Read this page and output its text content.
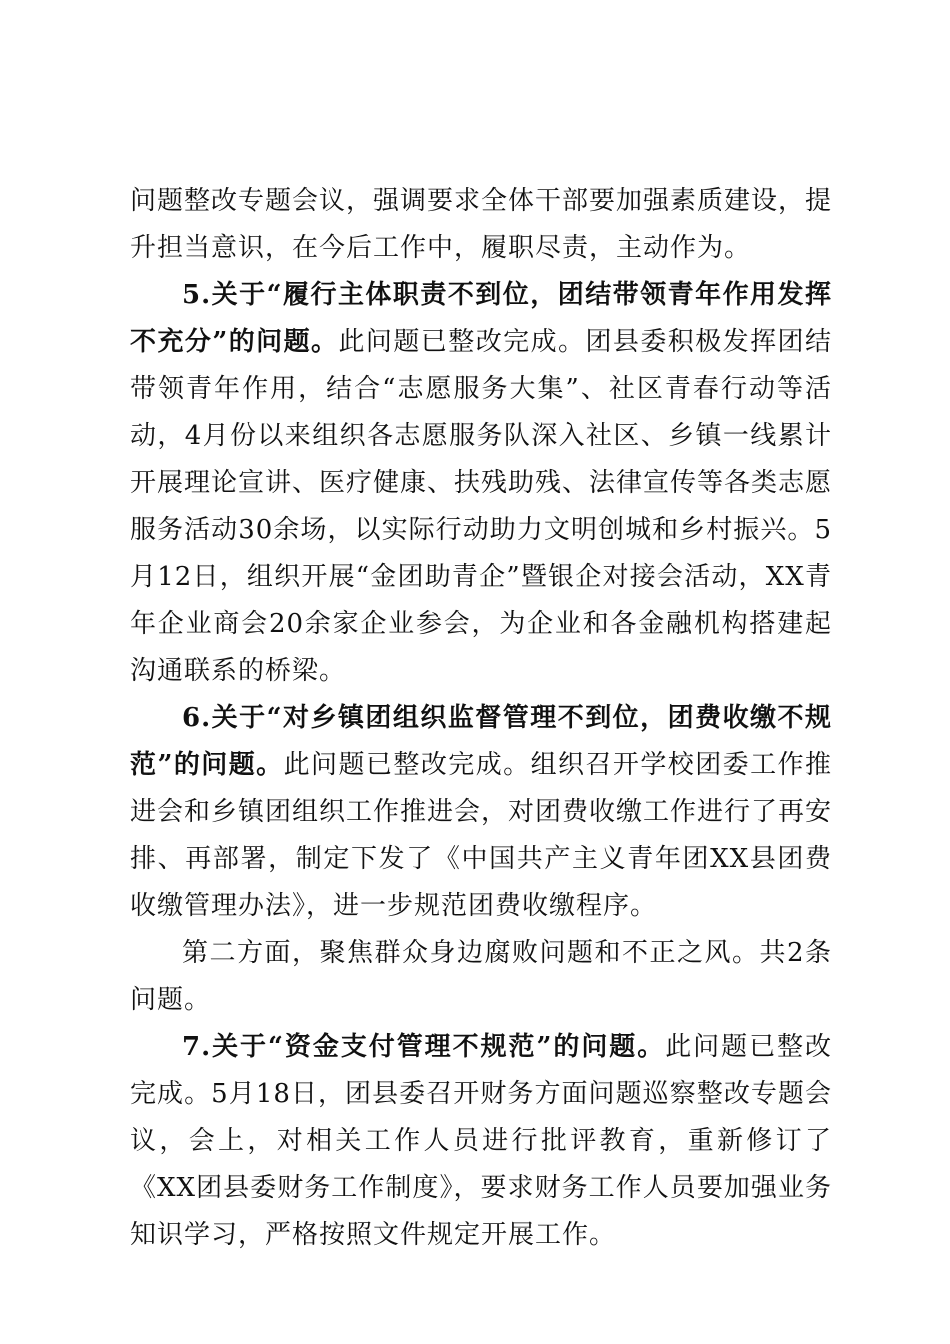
问题整改专题会议，强调要求全体干部要加强素质建设，提升担当意识，在今后工作中，履职尽责，主动作为。

5.关于“履行主体职责不到位，团结带领青年作用发挥不充分”的问题。此问题已整改完成。团县委积极发挥团结带领青年作用，结合“志愿服务大集”、社区青春行动等活动，4月份以来组织各志愿服务队深入社区、乡镇一线累计开展理论宣讲、医疗健康、扶残助残、法律宣传等各类志愿服务活动30余场，以实际行动助力文明创城和乡村振兴。5月12日，组织开展“金团助青企”暨银企对接会活动，XX青年企业商会20余家企业参会，为企业和各金融机构搭建起沟通联系的桥梁。

6.关于“对乡镇团组织监督管理不到位，团费收缴不规范”的问题。此问题已整改完成。组织召开学校团委工作推进会和乡镇团组织工作推进会，对团费收缴工作进行了再安排、再部署，制定下发了《中国共产主义青年团XX县团费收缴管理办法》，进一步规范团费收缴程序。

第二方面，聚焦群众身边腐败问题和不正之风。共2条问题。

7.关于“资金支付管理不规范”的问题。此问题已整改完成。5月18日，团县委召开财务方面问题巡察整改专题会议，会上，对相关工作人员进行批评教育，重新修订了《XX团县委财务工作制度》，要求财务工作人员要加强业务知识学习，严格按照文件规定开展工作。
